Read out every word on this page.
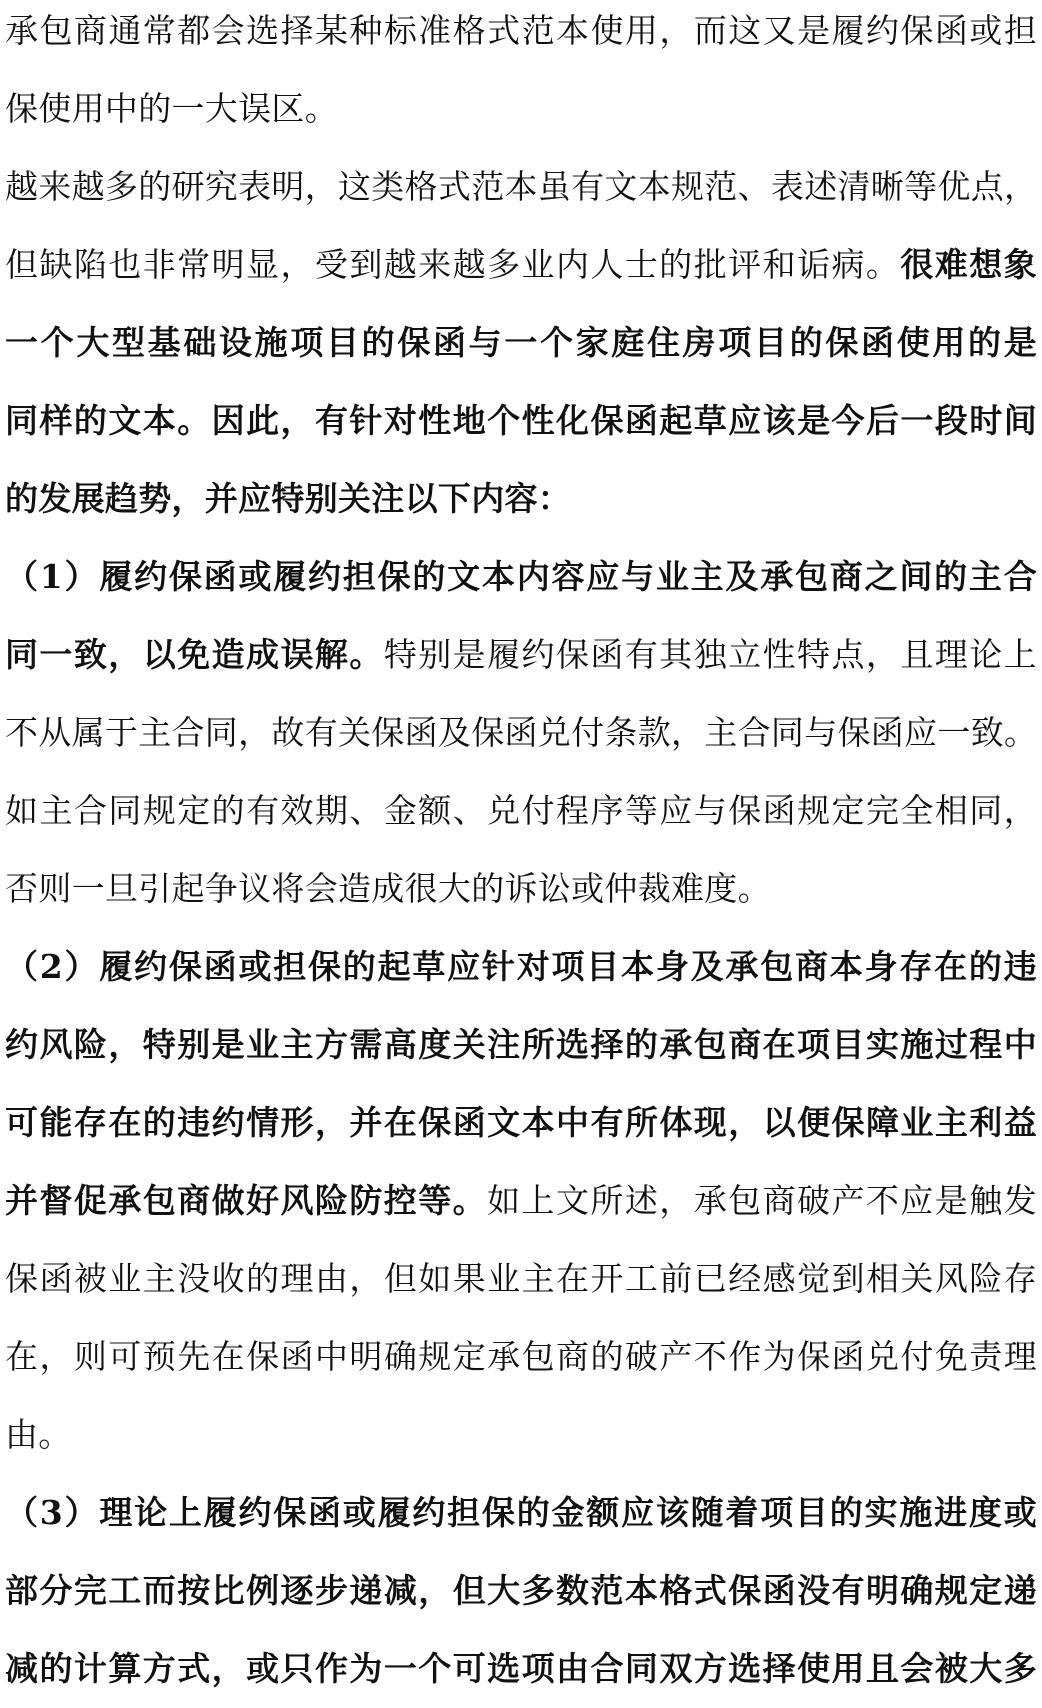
承包商通常都会选择某种标准格式范本使用，而这又是履约保函或担
保使用中的一大误区。
越来越多的研究表明，这类格式范本虽有文本规范、表述清晰等优点，
但缺陷也非常明显，受到越来越多业内人士的批评和诟病。很难想象
一个大型基础设施项目的保函与一个家庭住房项目的保函使用的是
同样的文本。因此，有针对性地个性化保函起草应该是今后一段时间
的发展趋势，并应特别关注以下内容：
（1）履约保函或履约担保的文本内容应与业主及承包商之间的主合
同一致，以免造成误解。特别是履约保函有其独立性特点，且理论上
不从属于主合同，故有关保函及保函兑付条款，主合同与保函应一致。
如主合同规定的有效期、金额、兑付程序等应与保函规定完全相同，
否则一旦引起争议将会造成很大的诉讼或仲裁难度。
（2）履约保函或担保的起草应针对项目本身及承包商本身存在的违
约风险，特别是业主方需高度关注所选择的承包商在项目实施过程中
可能存在的违约情形，并在保函文本中有所体现，以便保障业主利益
并督促承包商做好风险防控等。如上文所述，承包商破产不应是触发
保函被业主没收的理由，但如果业主在开工前已经感觉到相关风险存
在，则可预先在保函中明确规定承包商的破产不作为保函兑付免责理
由。
（3）理论上履约保函或履约担保的金额应该随着项目的实施进度或
部分完工而按比例逐步递减，但大多数范本格式保函没有明确规定递
减的计算方式，或只作为一个可选项由合同双方选择使用且会被大多
